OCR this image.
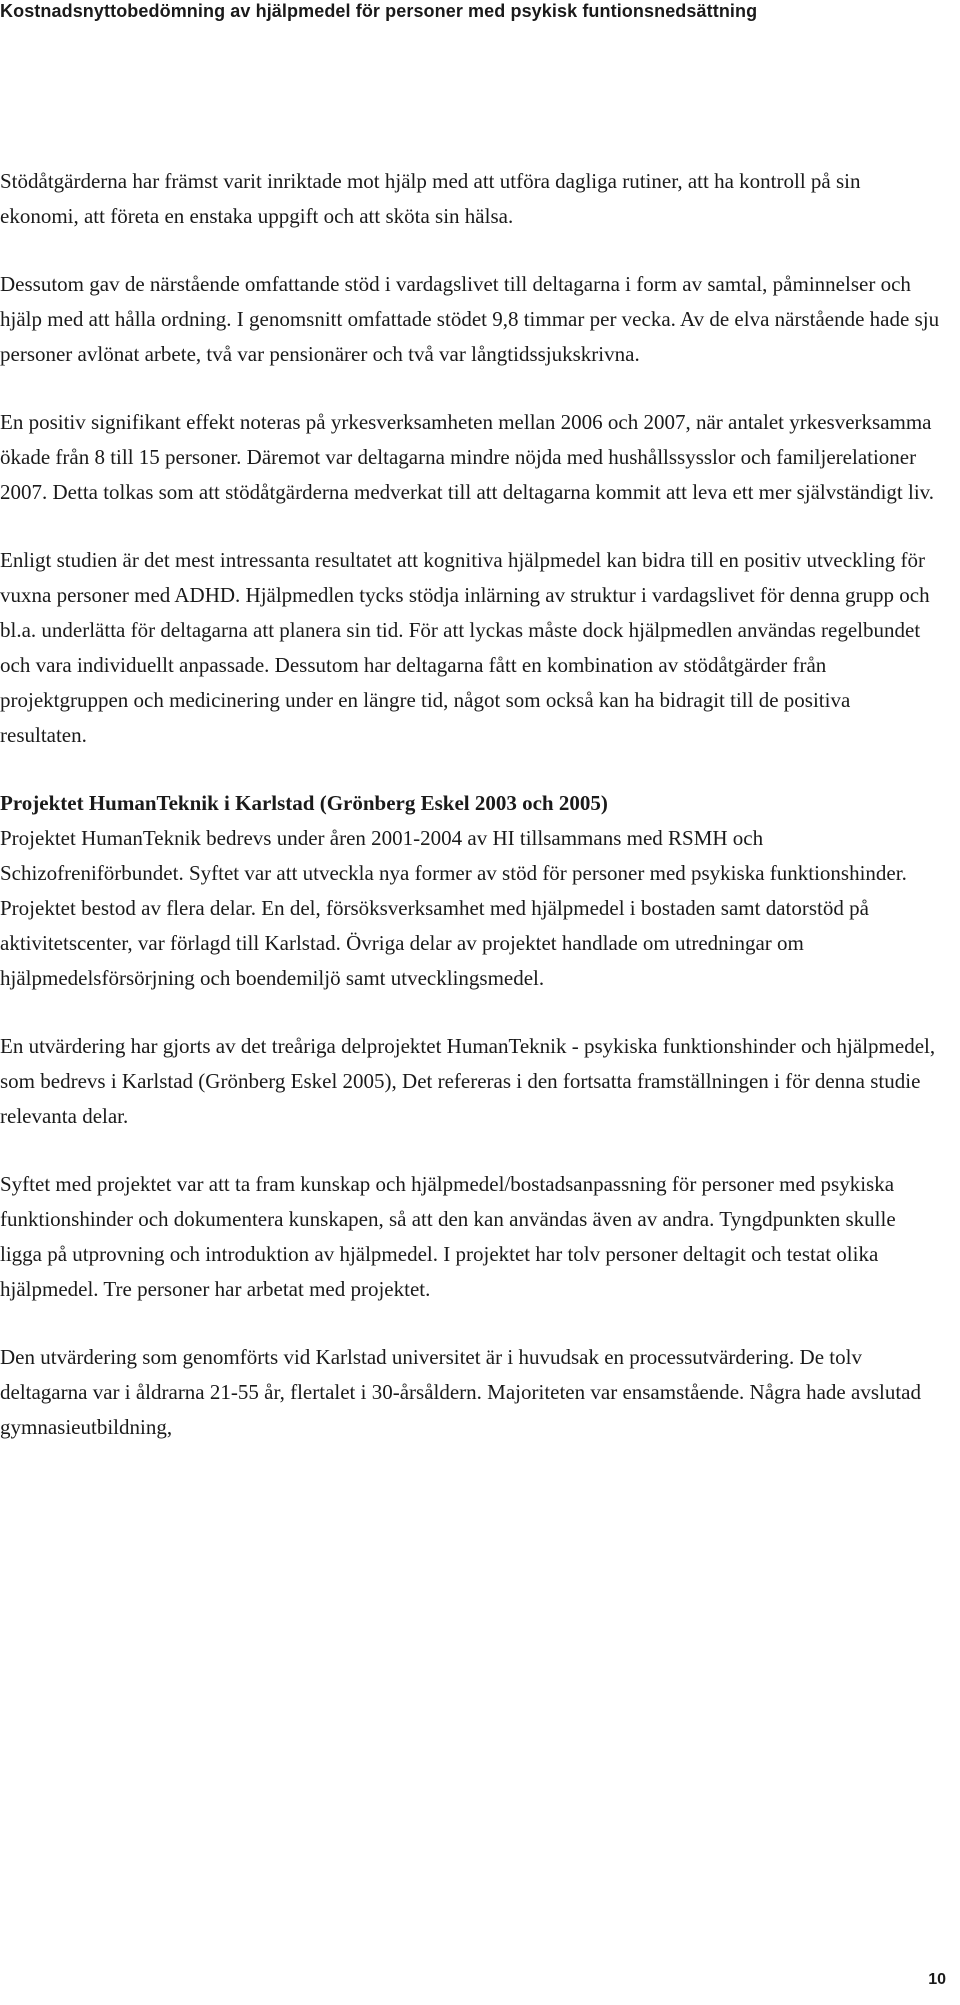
Kostnadsnyttobedömning av hjälpmedel för personer med psykisk funtionsnedsättning

Stödåtgärderna har främst varit inriktade mot hjälp med att utföra dagliga rutiner, att ha kontroll på sin ekonomi, att företa en enstaka uppgift och att sköta sin hälsa.

Dessutom gav de närstående omfattande stöd i vardagslivet till deltagarna i form av samtal, påminnelser och hjälp med att hålla ordning. I genomsnitt omfattade stödet 9,8 timmar per vecka. Av de elva närstående hade sju personer avlönat arbete, två var pensionärer och två var långtidssjukskrivna.

En positiv signifikant effekt noteras på yrkesverksamheten mellan 2006 och 2007, när antalet yrkesverksamma ökade från 8 till 15 personer. Däremot var deltagarna mindre nöjda med hushållssysslor och familjerelationer 2007. Detta tolkas som att stödåtgärderna medverkat till att deltagarna kommit att leva ett mer självständigt liv.

Enligt studien är det mest intressanta resultatet att kognitiva hjälpmedel kan bidra till en positiv utveckling för vuxna personer med ADHD. Hjälpmedlen tycks stödja inlärning av struktur i vardagslivet för denna grupp och bl.a. underlätta för deltagarna att planera sin tid. För att lyckas måste dock hjälpmedlen användas regelbundet och vara individuellt anpassade. Dessutom har deltagarna fått en kombination av stödåtgärder från projektgruppen och medicinering under en längre tid, något som också kan ha bidragit till de positiva resultaten.

Projektet HumanTeknik i Karlstad (Grönberg Eskel 2003 och 2005)

Projektet HumanTeknik bedrevs under åren 2001-2004 av HI tillsammans med RSMH och Schizofreniförbundet. Syftet var att utveckla nya former av stöd för personer med psykiska funktionshinder. Projektet bestod av flera delar. En del, försöksverksamhet med hjälpmedel i bostaden samt datorstöd på aktivitetscenter, var förlagd till Karlstad. Övriga delar av projektet handlade om utredningar om hjälpmedelsförsörjning och boendemiljö samt utvecklingsmedel.

En utvärdering har gjorts av det treåriga delprojektet HumanTeknik - psykiska funktionshinder och hjälpmedel, som bedrevs i Karlstad (Grönberg Eskel 2005), Det refereras i den fortsatta framställningen i för denna studie relevanta delar.

Syftet med projektet var att ta fram kunskap och hjälpmedel/bostadsanpassning för personer med psykiska funktionshinder och dokumentera kunskapen, så att den kan användas även av andra. Tyngdpunkten skulle ligga på utprovning och introduktion av hjälpmedel. I projektet har tolv personer deltagit och testat olika hjälpmedel. Tre personer har arbetat med projektet.

Den utvärdering som genomförts vid Karlstad universitet är i huvudsak en processutvärdering. De tolv deltagarna var i åldrarna 21-55 år, flertalet i 30-årsåldern. Majoriteten var ensamstående. Några hade avslutad gymnasieutbildning,

10
